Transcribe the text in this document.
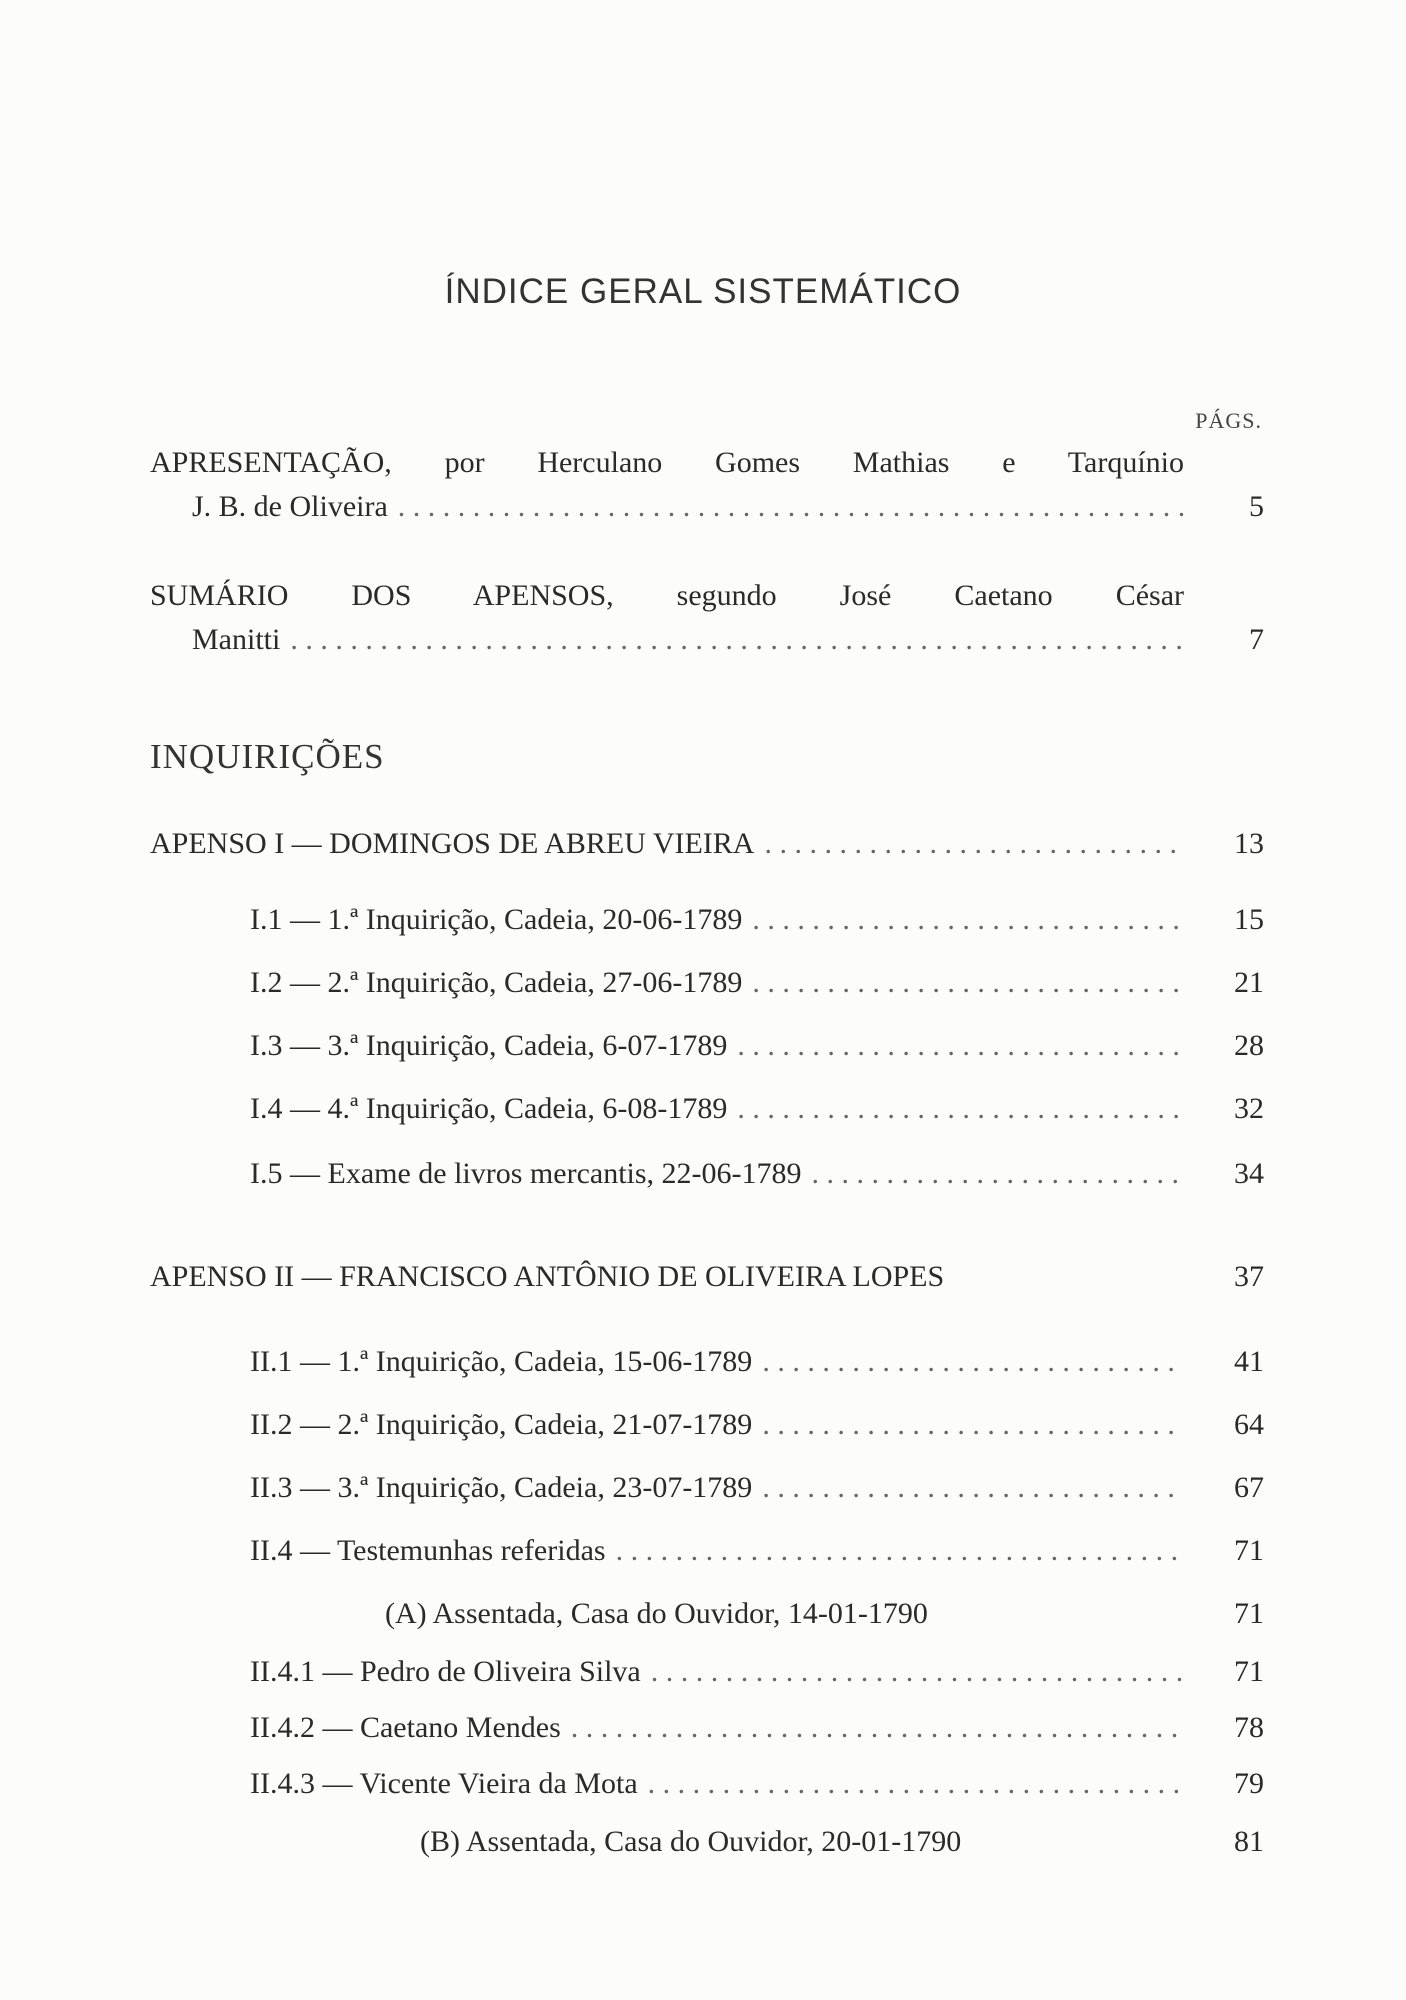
ÍNDICE GERAL SISTEMÁTICO
PÁGS.
APRESENTAÇÃO, por Herculano Gomes Mathias e Tarquínio
J. B. de Oliveira . . .	5
SUMÁRIO DOS APENSOS, segundo José Caetano César
Manitti . . .	7
INQUIRIÇÕES
APENSO I — DOMINGOS DE ABREU VIEIRA . . .	13
I.1 — 1.ª Inquirição, Cadeia, 20-06-1789 . . .	15
I.2 — 2.ª Inquirição, Cadeia, 27-06-1789 . . .	21
I.3 — 3.ª Inquirição, Cadeia, 6-07-1789 . . .	28
I.4 — 4.ª Inquirição, Cadeia, 6-08-1789 . . .	32
I.5 — Exame de livros mercantis, 22-06-1789 . . .	34
APENSO II — FRANCISCO ANTÔNIO DE OLIVEIRA LOPES	37
II.1 — 1.ª Inquirição, Cadeia, 15-06-1789 . . .	41
II.2 — 2.ª Inquirição, Cadeia, 21-07-1789 . . .	64
II.3 — 3.ª Inquirição, Cadeia, 23-07-1789 . . .	67
II.4 — Testemunhas referidas . . .	71
(A) Assentada, Casa do Ouvidor, 14-01-1790	71
II.4.1 — Pedro de Oliveira Silva . . .	71
II.4.2 — Caetano Mendes . . .	78
II.4.3 — Vicente Vieira da Mota . . .	79
(B) Assentada, Casa do Ouvidor, 20-01-1790	81
